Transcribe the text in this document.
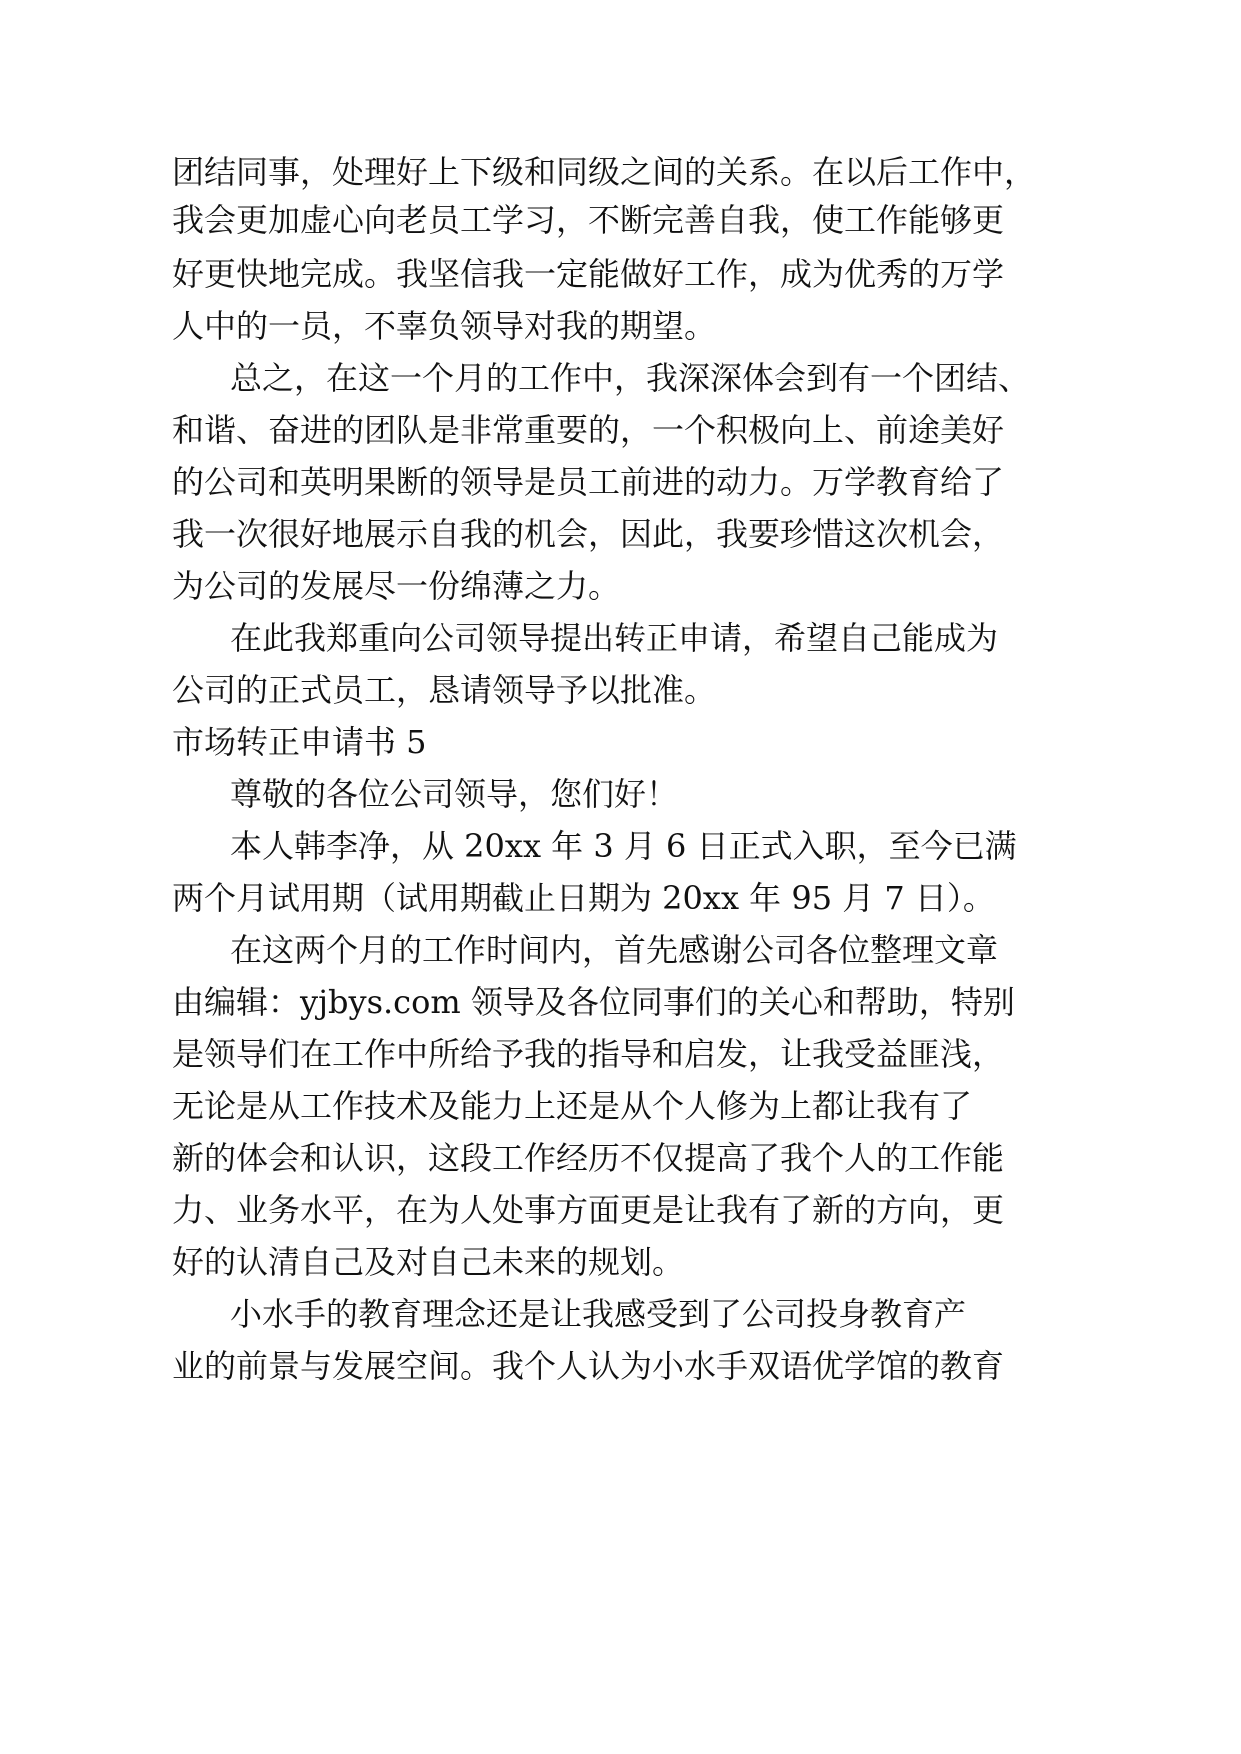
团结同事，处理好上下级和同级之间的关系。在以后工作中，
我会更加虚心向老员工学习，不断完善自我，使工作能够更
好更快地完成。我坚信我一定能做好工作，成为优秀的万学
人中的一员，不辜负领导对我的期望。
总之，在这一个月的工作中，我深深体会到有一个团结、
和谐、奋进的团队是非常重要的，一个积极向上、前途美好
的公司和英明果断的领导是员工前进的动力。万学教育给了
我一次很好地展示自我的机会，因此，我要珍惜这次机会，
为公司的发展尽一份绵薄之力。
在此我郑重向公司领导提出转正申请，希望自己能成为
公司的正式员工，恳请领导予以批准。
市场转正申请书 5
尊敬的各位公司领导，您们好！
本人韩李净，从 20xx 年 3 月 6 日正式入职，至今已满
两个月试用期（试用期截止日期为 20xx 年 95 月 7 日）。
在这两个月的工作时间内，首先感谢公司各位整理文章
由编辑：yjbys.com 领导及各位同事们的关心和帮助，特别
是领导们在工作中所给予我的指导和启发，让我受益匪浅，
无论是从工作技术及能力上还是从个人修为上都让我有了
新的体会和认识，这段工作经历不仅提高了我个人的工作能
力、业务水平，在为人处事方面更是让我有了新的方向，更
好的认清自己及对自己未来的规划。
小水手的教育理念还是让我感受到了公司投身教育产
业的前景与发展空间。我个人认为小水手双语优学馆的教育
